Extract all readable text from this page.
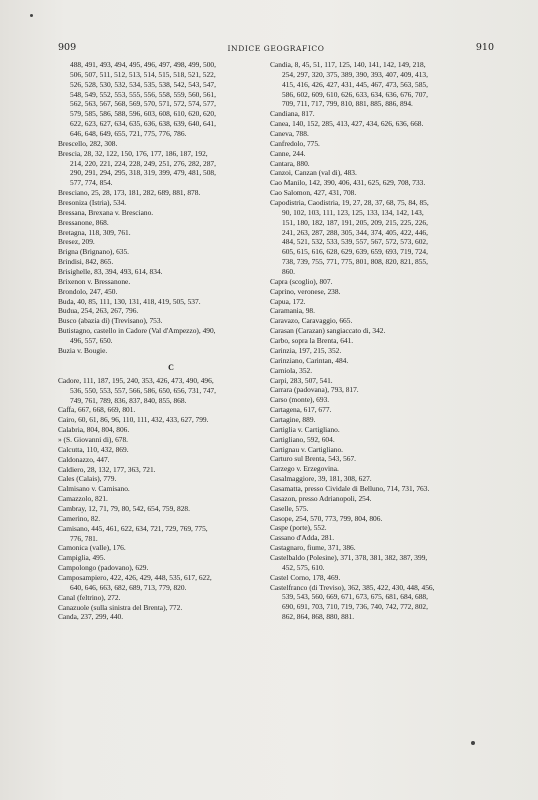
909	INDICE GEOGRAFICO	910
488, 491, 493, 494, 495, 496, 497, 498, 499, 500,
506, 507, 511, 512, 513, 514, 515, 518, 521, 522,
526, 528, 530, 532, 534, 535, 538, 542, 543, 547,
548, 549, 552, 553, 555, 556, 558, 559, 560, 561,
562, 563, 567, 568, 569, 570, 571, 572, 574, 577,
579, 585, 586, 588, 596, 603, 608, 610, 620, 620,
622, 623, 627, 634, 635, 636, 638, 639, 640, 641,
646, 648, 649, 655, 721, 775, 776, 786.
Brescello, 282, 308.
Brescia, 28, 32, 122, 150, 176, 177, 186, 187, 192,
214, 220, 221, 224, 228, 249, 251, 276, 282, 287,
290, 291, 294, 295, 318, 319, 399, 479, 481, 508,
577, 774, 854.
Bresciano, 25, 28, 173, 181, 282, 689, 881, 878.
Bresoniza (Istria), 534.
Bressana, Brexana v. Bresciano.
Bressanone, 868.
Bretagna, 118, 309, 761.
Bresez, 209.
Brigna (Brignano), 635.
Brindisi, 842, 865.
Brisighelle, 83, 394, 493, 614, 834.
Brixenon v. Bressanone.
Brondolo, 247, 450.
Buda, 40, 85, 111, 130, 131, 418, 419, 505, 537.
Budua, 254, 263, 267, 796.
Busco (abazia di) (Trevisano), 753.
Butistagno, castello in Cadore (Val d'Ampezzo), 490,
496, 557, 650.
Buzia v. Bougie.
C
Cadore, 111, 187, 195, 240, 353, 426, 473, 490, 496,
536, 550, 553, 557, 566, 586, 650, 656, 731, 747,
749, 761, 789, 836, 837, 840, 855, 868.
Caffa, 667, 668, 669, 801.
Cairo, 60, 61, 86, 96, 110, 111, 432, 433, 627, 799.
Calabria, 804, 804, 806.
» (S. Giovanni di), 678.
Calcutta, 110, 432, 869.
Caldonazzo, 447.
Caldiero, 28, 132, 177, 363, 721.
Cales (Calais), 779.
Calmisano v. Camisano.
Camazzolo, 821.
Cambray, 12, 71, 79, 80, 542, 654, 759, 828.
Camerino, 82.
Camisano, 445, 461, 622, 634, 721, 729, 769, 775,
776, 781.
Camonica (valle), 176.
Campiglia, 495.
Campolongo (padovano), 629.
Camposampiero, 422, 426, 429, 448, 535, 617, 622,
640, 646, 663, 682, 689, 713, 779, 820.
Canal (feltrino), 272.
Canazuole (sulla sinistra del Brenta), 772.
Canda, 237, 299, 440.
Candia, 8, 45, 51, 117, 125, 140, 141, 142, 149, 218,
254, 297, 320, 375, 389, 390, 393, 407, 409, 413,
415, 416, 426, 427, 431, 445, 467, 473, 563, 585,
586, 602, 609, 610, 626, 633, 634, 636, 676, 707,
709, 711, 717, 799, 810, 881, 885, 886, 894.
Candiana, 817.
Canea, 140, 152, 285, 413, 427, 434, 626, 636, 668.
Caneva, 788.
Canfredolo, 775.
Canne, 244.
Cantara, 880.
Canzoi, Canzan (val di), 483.
Cao Manilo, 142, 390, 406, 431, 625, 629, 708, 733.
Cao Salomon, 427, 431, 708.
Capodistria, Caodistria, 19, 27, 28, 37, 68, 75, 84, 85,
90, 102, 103, 111, 123, 125, 133, 134, 142, 143,
151, 180, 182, 187, 191, 205, 209, 215, 225, 226,
241, 263, 287, 288, 305, 344, 374, 405, 422, 446,
484, 521, 532, 533, 539, 557, 567, 572, 573, 602,
605, 615, 616, 628, 629, 639, 659, 693, 719, 724,
738, 739, 755, 771, 775, 801, 808, 820, 821, 855,
860.
Capra (scoglio), 807.
Caprino, veronese, 238.
Capua, 172.
Caramania, 98.
Caravazo, Caravaggio, 665.
Carasan (Carazan) sangiaccato di, 342.
Carbo, sopra la Brenta, 641.
Carinzia, 197, 215, 352.
Carinziano, Carintan, 484.
Carniola, 352.
Carpi, 283, 507, 541.
Carrara (padovana), 793, 817.
Carso (monte), 693.
Cartagena, 617, 677.
Cartagine, 889.
Cartiglia v. Cartigliano.
Cartigliano, 592, 604.
Cartignau v. Cartigliano.
Carturo sul Brenta, 543, 567.
Carzego v. Erzegovina.
Casalmaggiore, 39, 181, 308, 627.
Casamatta, presso Cividale di Belluno, 714, 731, 763.
Casazon, presso Adrianopoli, 254.
Caselle, 575.
Casope, 254, 570, 773, 799, 804, 806.
Caspe (porte), 552.
Cassano d'Adda, 281.
Castagnaro, fiume, 371, 386.
Castelbaldo (Polesine), 371, 378, 381, 382, 387, 399,
452, 575, 610.
Castel Corno, 178, 469.
Castelfranco (di Treviso), 362, 385, 422, 430, 448, 456,
539, 543, 560, 669, 671, 673, 675, 681, 684, 688,
690, 691, 703, 710, 719, 736, 740, 742, 772, 802,
862, 864, 868, 880, 881.
